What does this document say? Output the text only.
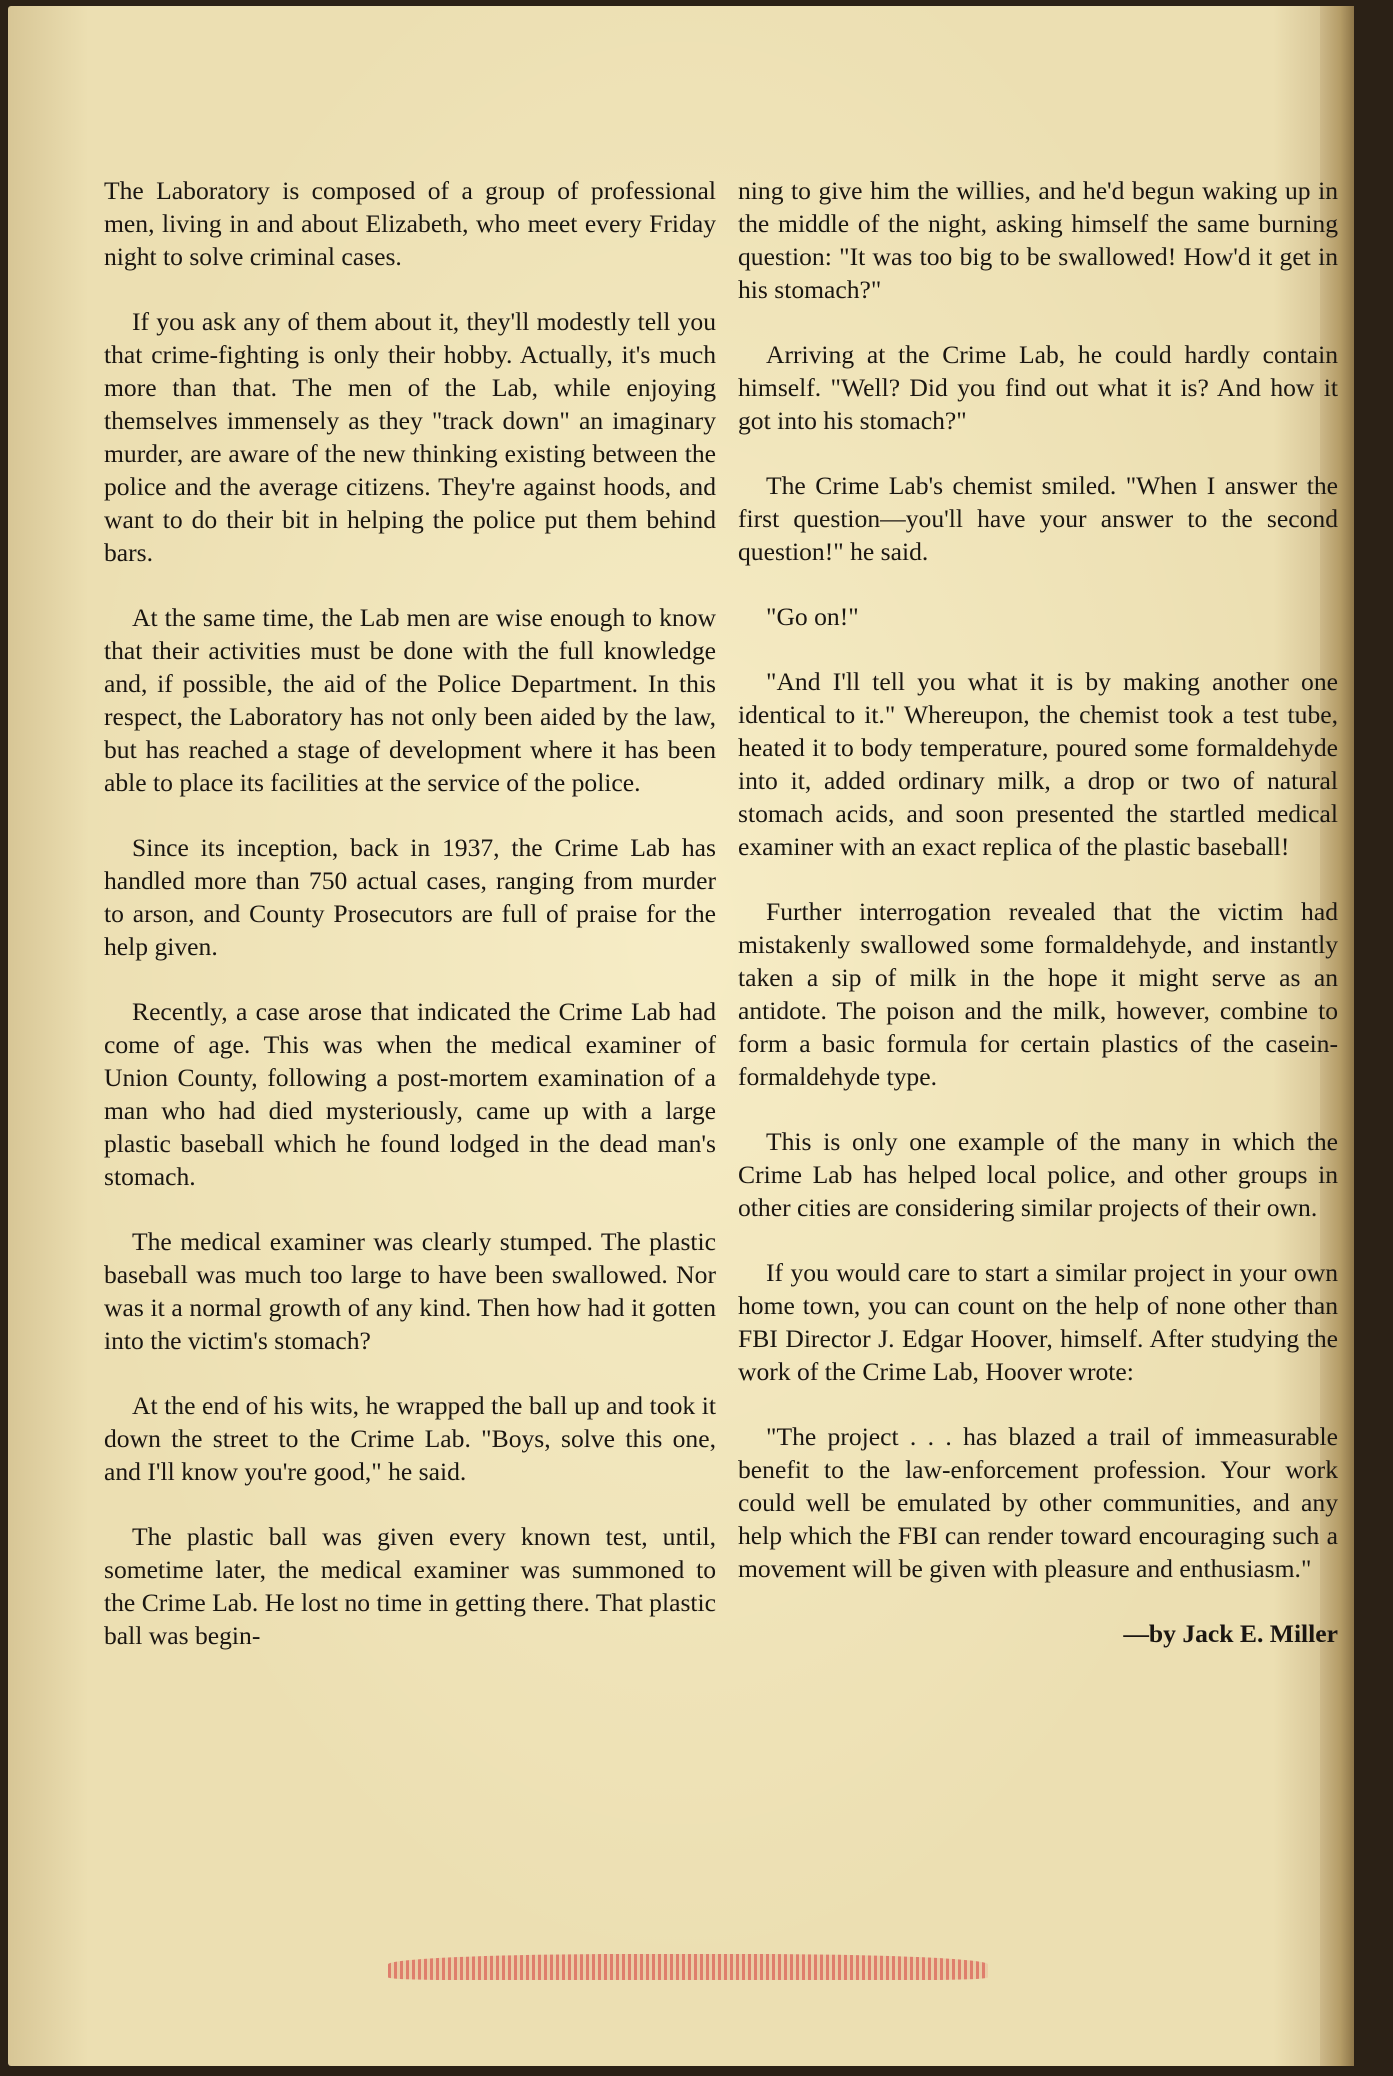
The Laboratory is composed of a group of professional men, living in and about Elizabeth, who meet every Friday night to solve criminal cases.

If you ask any of them about it, they'll modestly tell you that crime-fighting is only their hobby. Actually, it's much more than that. The men of the Lab, while enjoying themselves immensely as they "track down" an imaginary murder, are aware of the new thinking existing between the police and the average citizens. They're against hoods, and want to do their bit in helping the police put them behind bars.

At the same time, the Lab men are wise enough to know that their activities must be done with the full knowledge and, if possible, the aid of the Police Department. In this respect, the Laboratory has not only been aided by the law, but has reached a stage of development where it has been able to place its facilities at the service of the police.

Since its inception, back in 1937, the Crime Lab has handled more than 750 actual cases, ranging from murder to arson, and County Prosecutors are full of praise for the help given.

Recently, a case arose that indicated the Crime Lab had come of age. This was when the medical examiner of Union County, following a post-mortem examination of a man who had died mysteriously, came up with a large plastic baseball which he found lodged in the dead man's stomach.

The medical examiner was clearly stumped. The plastic baseball was much too large to have been swallowed. Nor was it a normal growth of any kind. Then how had it gotten into the victim's stomach?

At the end of his wits, he wrapped the ball up and took it down the street to the Crime Lab. "Boys, solve this one, and I'll know you're good," he said.

The plastic ball was given every known test, until, sometime later, the medical examiner was summoned to the Crime Lab. He lost no time in getting there. That plastic ball was begin-

ning to give him the willies, and he'd begun waking up in the middle of the night, asking himself the same burning question: "It was too big to be swallowed! How'd it get in his stomach?"

Arriving at the Crime Lab, he could hardly contain himself. "Well? Did you find out what it is? And how it got into his stomach?"

The Crime Lab's chemist smiled. "When I answer the first question—you'll have your answer to the second question!" he said.

"Go on!"

"And I'll tell you what it is by making another one identical to it." Whereupon, the chemist took a test tube, heated it to body temperature, poured some formaldehyde into it, added ordinary milk, a drop or two of natural stomach acids, and soon presented the startled medical examiner with an exact replica of the plastic baseball!

Further interrogation revealed that the victim had mistakenly swallowed some formaldehyde, and instantly taken a sip of milk in the hope it might serve as an antidote. The poison and the milk, however, combine to form a basic formula for certain plastics of the casein-formaldehyde type.

This is only one example of the many in which the Crime Lab has helped local police, and other groups in other cities are considering similar projects of their own.

If you would care to start a similar project in your own home town, you can count on the help of none other than FBI Director J. Edgar Hoover, himself. After studying the work of the Crime Lab, Hoover wrote:

"The project . . . has blazed a trail of immeasurable benefit to the law-enforcement profession. Your work could well be emulated by other communities, and any help which the FBI can render toward encouraging such a movement will be given with pleasure and enthusiasm."

—by Jack E. Miller
